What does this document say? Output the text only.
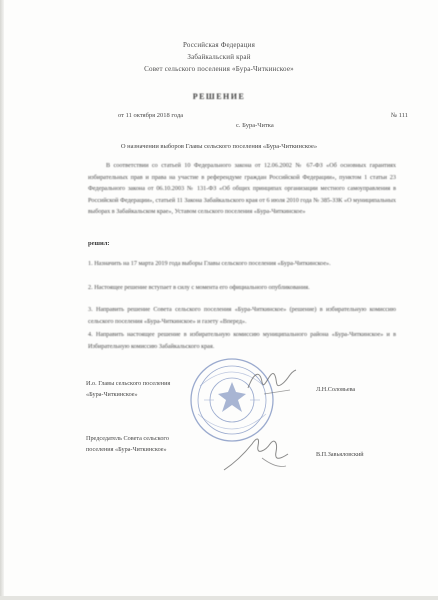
Российская Федерация
Забайкальский край
Совет сельского поселения «Бура-Читкинское»
РЕШЕНИЕ
от 11 октября 2018 года	№ 111
с. Бура-Читка
О назначении выборов Главы сельского поселения «Бура-Читкинское»
В соответствии со статьей 10 Федерального закона от 12.06.2002 № 67-ФЗ «Об основных гарантиях избирательных прав и права на участие в референдуме граждан Российской Федерации», пунктом 1 статьи 23 Федерального закона от 06.10.2003 № 131-ФЗ «Об общих принципах организации местного самоуправления в Российской Федерации», статьей 11 Закона Забайкальского края от 6 июля 2010 года № 385-ЗЗК «О муниципальных выборах в Забайкальском крае», Уставом сельского поселения «Бура-Читкинское»
решил:
1. Назначить на 17 марта 2019 года выборы Главы сельского поселения «Бура-Читкинское».
2. Настоящее решение вступает в силу с момента его официального опубликования.
3. Направить решение Совета сельского поселения «Бура-Читкинское» (решение) в избирательную комиссию сельского поселения «Бура-Читкинское» и газету «Вперед».
4. Направить настоящее решение в избирательную комиссию муниципального района «Бура-Читкинское» и в Избирательную комиссию Забайкальского края.
И.о. Главы сельского поселения
«Бура-Читкинское»
Л.Н.Соловьева
Председатель Совета сельского
поселения «Бура-Читкинское»
В.П.Завьяловский
